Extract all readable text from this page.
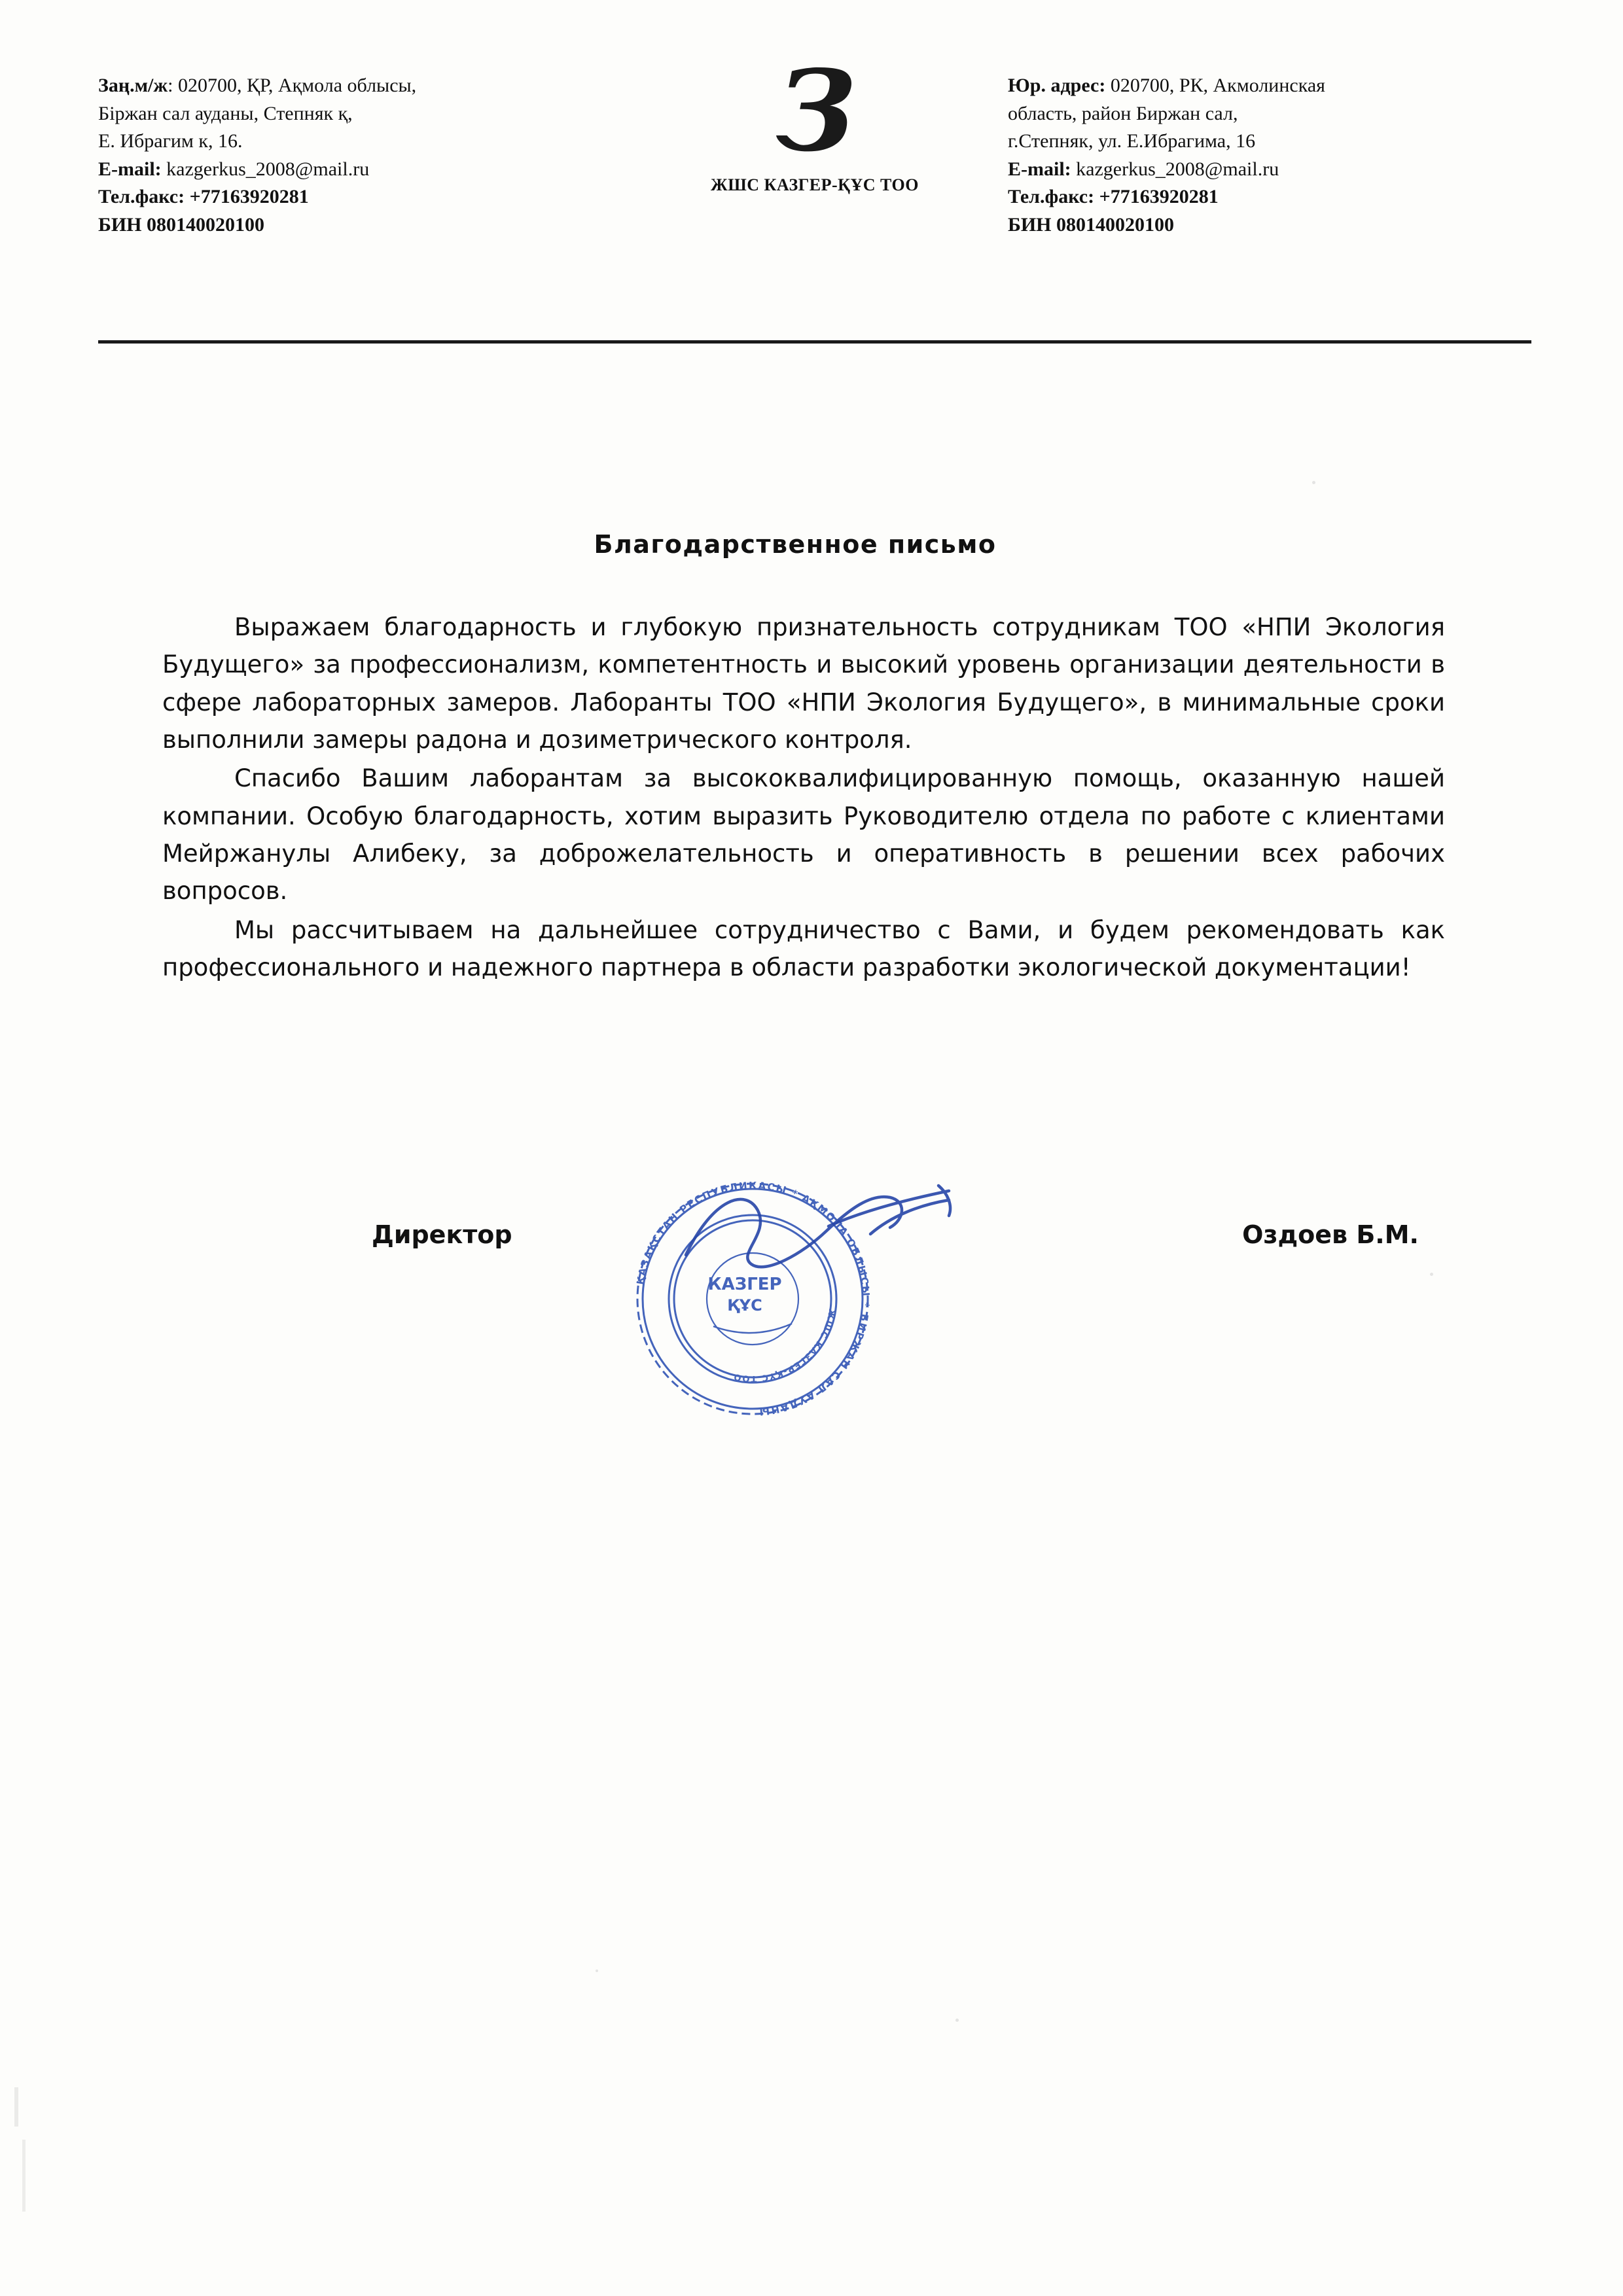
Заң.м/ж: 020700, ҚР, Ақмола облысы,
Біржан сал ауданы, Степняк қ,
Е. Ибрагим к, 16.
E-mail: kazgerkus_2008@mail.ru
Тел.факс: +77163920281
БИН 080140020100
З
ЖШС КАЗГЕР-ҚҰС ТОО
Юр. адрес: 020700, РК, Акмолинская
область, район Биржан сал,
г.Степняк, ул. Е.Ибрагима, 16
E-mail: kazgerkus_2008@mail.ru
Тел.факс: +77163920281
БИН 080140020100
Благодарственное письмо

Выражаем благодарность и глубокую признательность сотрудникам ТОО «НПИ Экология Будущего» за профессионализм, компетентность и высокий уровень организации деятельности в сфере лабораторных замеров. Лаборанты ТОО «НПИ Экология Будущего», в минимальные сроки выполнили замеры радона и дозиметрического контроля.

Спасибо Вашим лаборантам за высококвалифицированную помощь, оказанную нашей компании. Особую благодарность, хотим выразить Руководителю отдела по работе с клиентами Мейржанулы Алибеку, за доброжелательность и оперативность в решении всех рабочих вопросов.

Мы рассчитываем на дальнейшее сотрудничество с Вами, и будем рекомендовать как профессионального и надежного партнера в области разработки экологической документации!

Директор	Оздоев Б.М.
ҚАЗАҚСТАН РЕСПУБЛИКАСЫ * АҚМОЛА ОБЛЫСЫ * БИРЖАН САЛ АУДАНЫ
ЖШС КАЗГЕР-ҚҰС ТОО
КАЗГЕР
ҚҰС
